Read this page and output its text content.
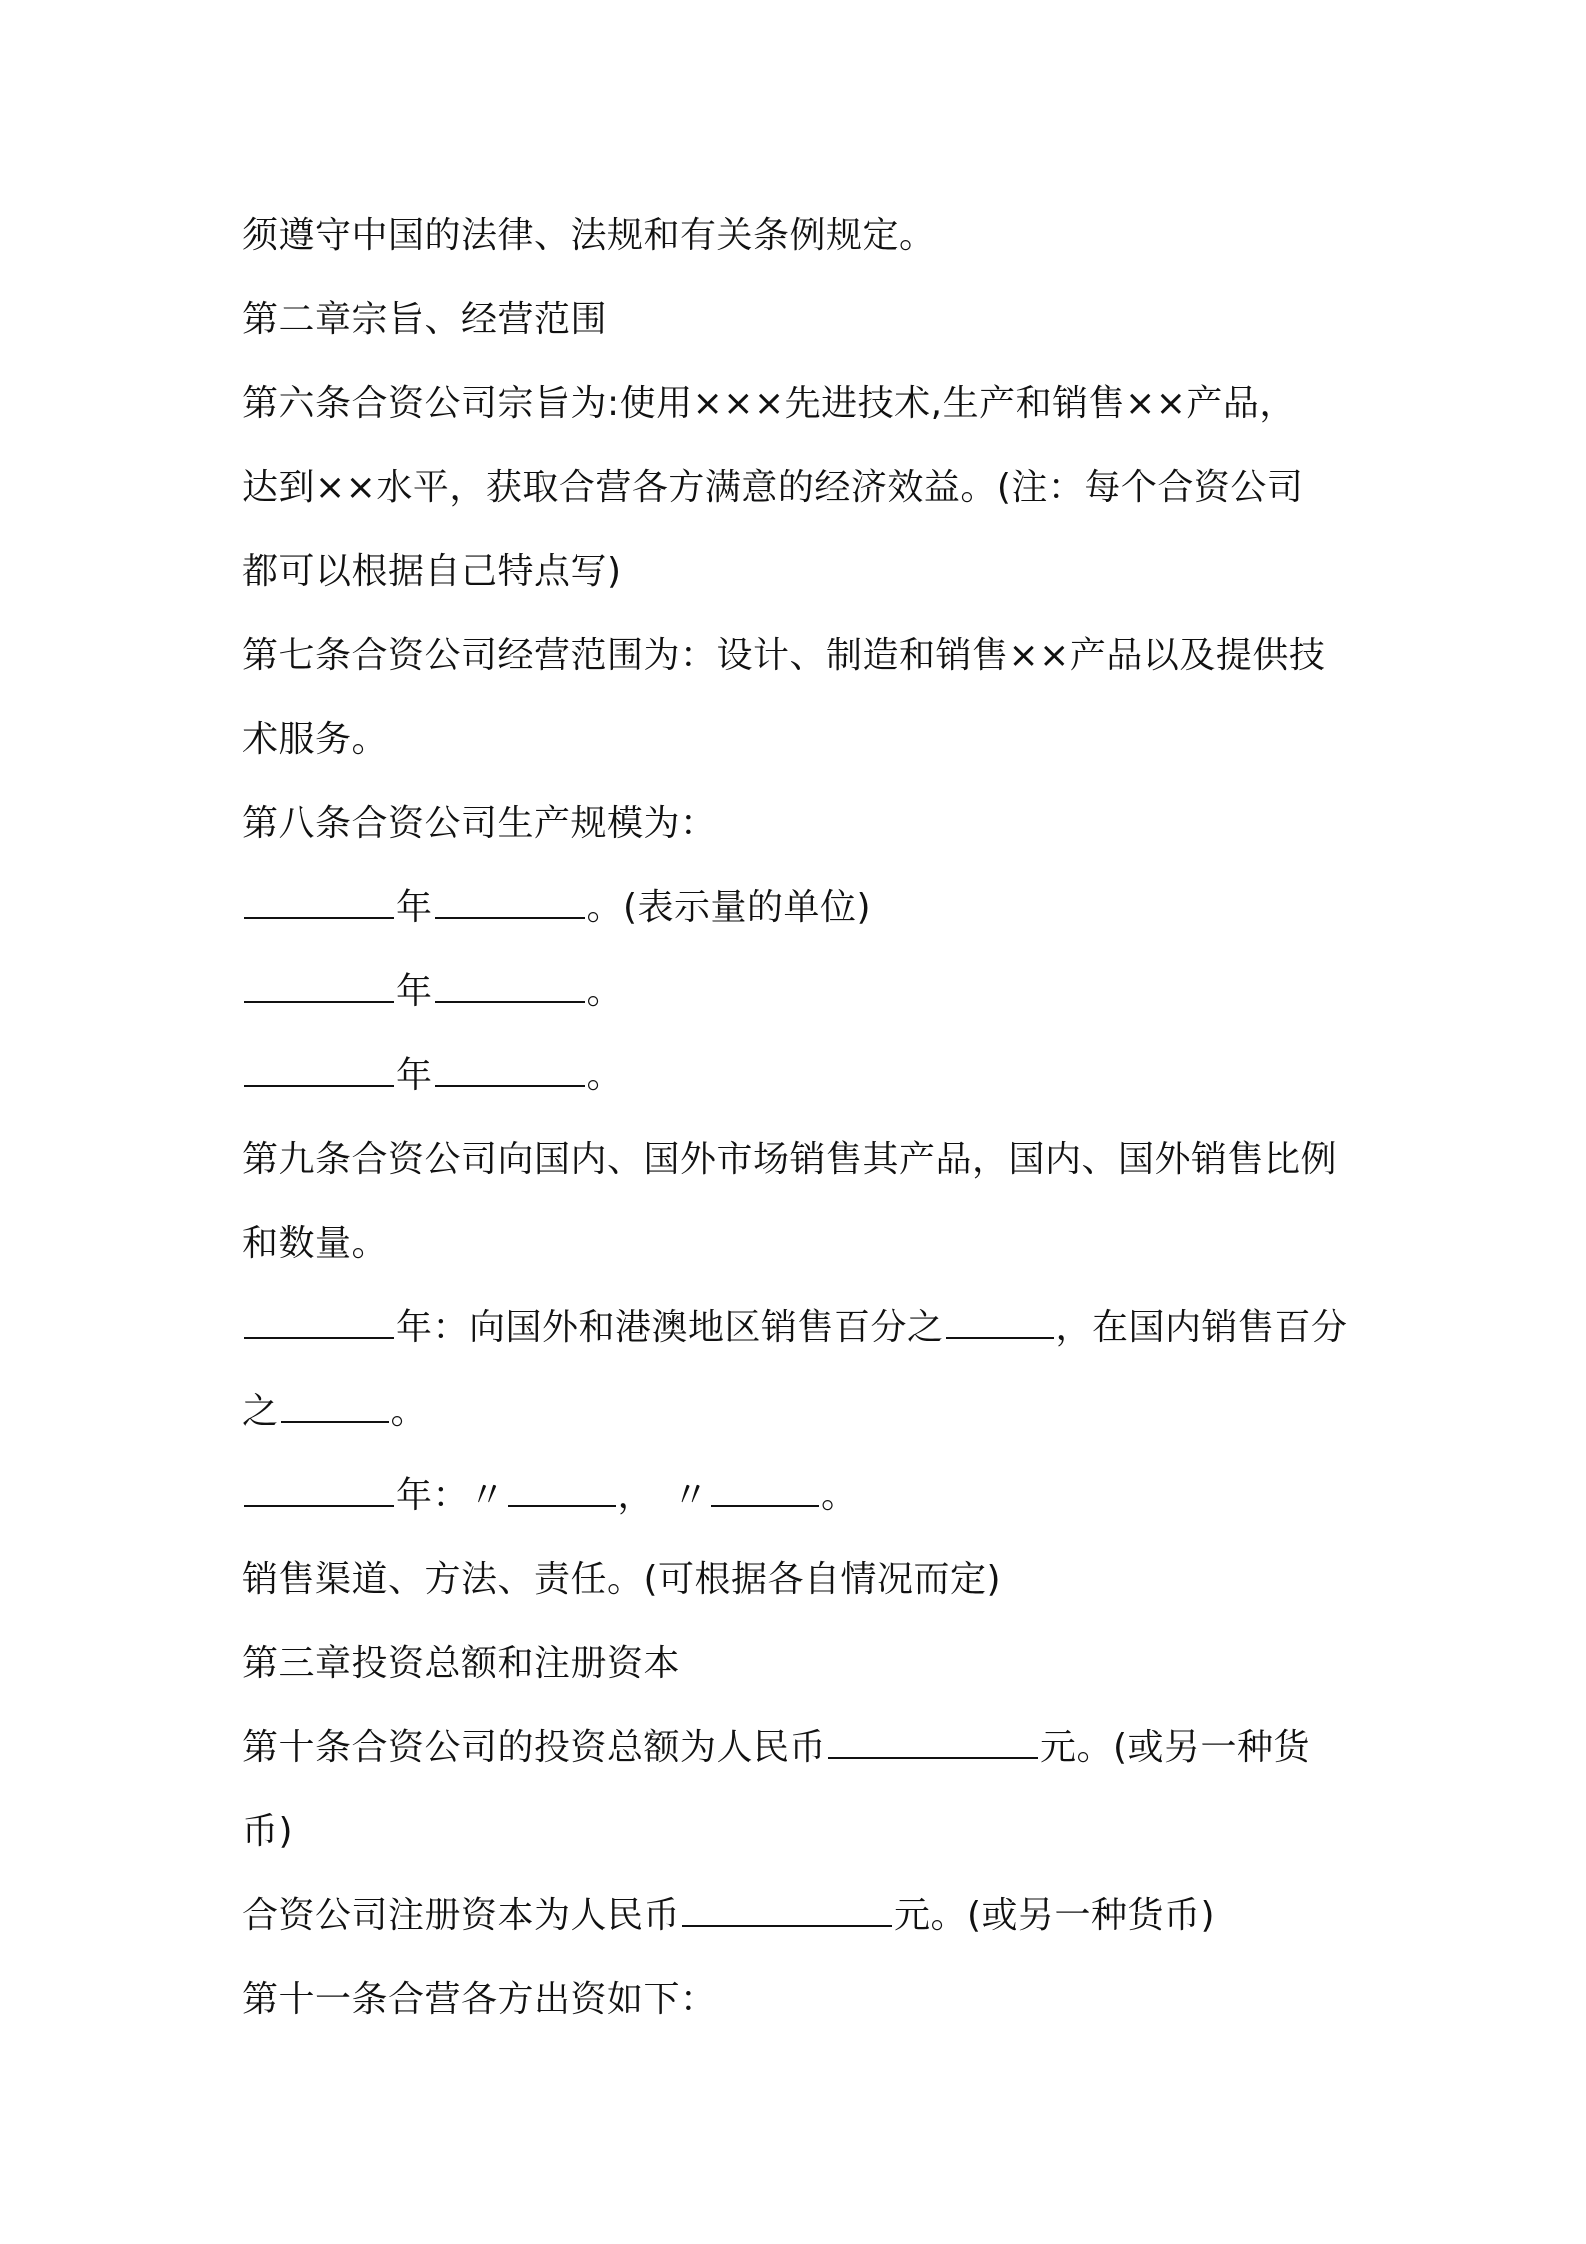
须遵守中国的法律、法规和有关条例规定。
第二章宗旨、经营范围
第六条合资公司宗旨为:使用×××先进技术,生产和销售××产品，
达到××水平，获取合营各方满意的经济效益。(注：每个合资公司
都可以根据自己特点写)
第七条合资公司经营范围为：设计、制造和销售××产品以及提供技
术服务。
第八条合资公司生产规模为：
年	。(表示量的单位)
年	。
年	。
第九条合资公司向国内、国外市场销售其产品，国内、国外销售比例
和数量。
年：向国外和港澳地区销售百分之	，在国内销售百分
之	。
年：〃	，　〃	。
销售渠道、方法、责任。(可根据各自情况而定)
第三章投资总额和注册资本
第十条合资公司的投资总额为人民币	元。(或另一种货
币)
合资公司注册资本为人民币	元。(或另一种货币)
第十一条合营各方出资如下：
